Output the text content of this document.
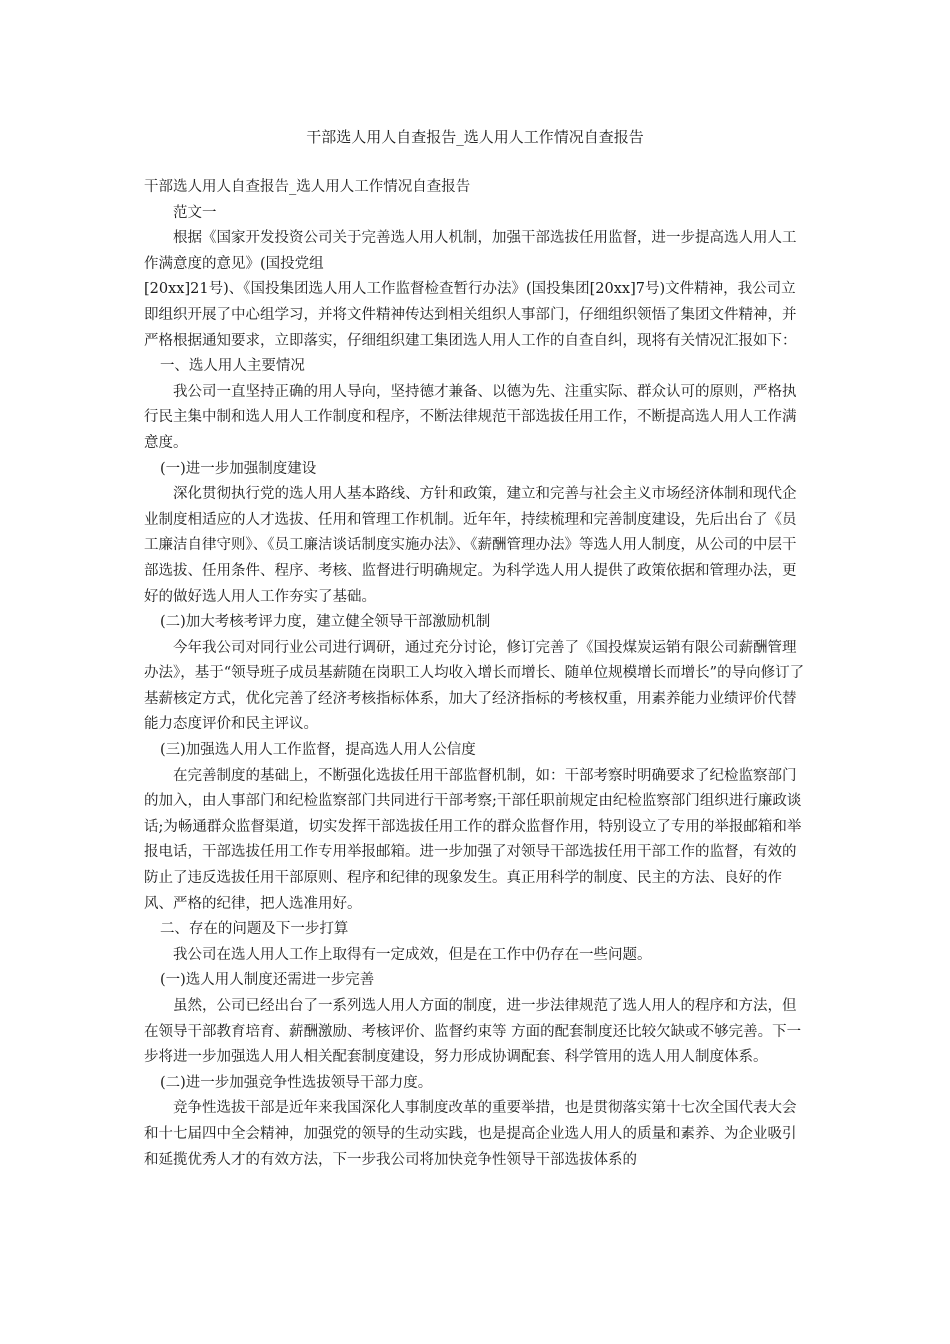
干部选人用人自查报告_选人用人工作情况自查报告

干部选人用人自查报告_选人用人工作情况自查报告

范文一

根据《国家开发投资公司关于完善选人用人机制，加强干部选拔任用监督，进一步提高选人用人工作满意度的意见》(国投党组

[20xx]21号)、《国投集团选人用人工作监督检查暂行办法》(国投集团[20xx]7号)文件精神，我公司立即组织开展了中心组学习，并将文件精神传达到相关组织人事部门，仔细组织领悟了集团文件精神，并严格根据通知要求，立即落实，仔细组织建工集团选人用人工作的自查自纠，现将有关情况汇报如下：

一、选人用人主要情况

我公司一直坚持正确的用人导向，坚持德才兼备、以德为先、注重实际、群众认可的原则，严格执行民主集中制和选人用人工作制度和程序，不断法律规范干部选拔任用工作，不断提高选人用人工作满意度。

(一)进一步加强制度建设

深化贯彻执行党的选人用人基本路线、方针和政策，建立和完善与社会主义市场经济体制和现代企业制度相适应的人才选拔、任用和管理工作机制。近年年，持续梳理和完善制度建设，先后出台了《员工廉洁自律守则》、《员工廉洁谈话制度实施办法》、《薪酬管理办法》等选人用人制度，从公司的中层干部选拔、任用条件、程序、考核、监督进行明确规定。为科学选人用人提供了政策依据和管理办法，更好的做好选人用人工作夯实了基础。

(二)加大考核考评力度，建立健全领导干部激励机制

今年我公司对同行业公司进行调研，通过充分讨论，修订完善了《国投煤炭运销有限公司薪酬管理办法》，基于“领导班子成员基薪随在岗职工人均收入增长而增长、随单位规模增长而增长”的导向修订了基薪核定方式，优化完善了经济考核指标体系，加大了经济指标的考核权重，用素养能力业绩评价代替能力态度评价和民主评议。

(三)加强选人用人工作监督，提高选人用人公信度

在完善制度的基础上，不断强化选拔任用干部监督机制，如：干部考察时明确要求了纪检监察部门的加入，由人事部门和纪检监察部门共同进行干部考察;干部任职前规定由纪检监察部门组织进行廉政谈话;为畅通群众监督渠道，切实发挥干部选拔任用工作的群众监督作用，特别设立了专用的举报邮箱和举报电话，干部选拔任用工作专用举报邮箱。进一步加强了对领导干部选拔任用干部工作的监督，有效的防止了违反选拔任用干部原则、程序和纪律的现象发生。真正用科学的制度、民主的方法、良好的作风、严格的纪律，把人选准用好。

二、存在的问题及下一步打算

我公司在选人用人工作上取得有一定成效，但是在工作中仍存在一些问题。

(一)选人用人制度还需进一步完善

虽然，公司已经出台了一系列选人用人方面的制度，进一步法律规范了选人用人的程序和方法，但在领导干部教育培育、薪酬激励、考核评价、监督约束等 方面的配套制度还比较欠缺或不够完善。下一步将进一步加强选人用人相关配套制度建设，努力形成协调配套、科学管用的选人用人制度体系。

(二)进一步加强竞争性选拔领导干部力度。

竞争性选拔干部是近年来我国深化人事制度改革的重要举措，也是贯彻落实第十七次全国代表大会和十七届四中全会精神，加强党的领导的生动实践，也是提高企业选人用人的质量和素养、为企业吸引和延揽优秀人才的有效方法，下一步我公司将加快竞争性领导干部选拔体系的
